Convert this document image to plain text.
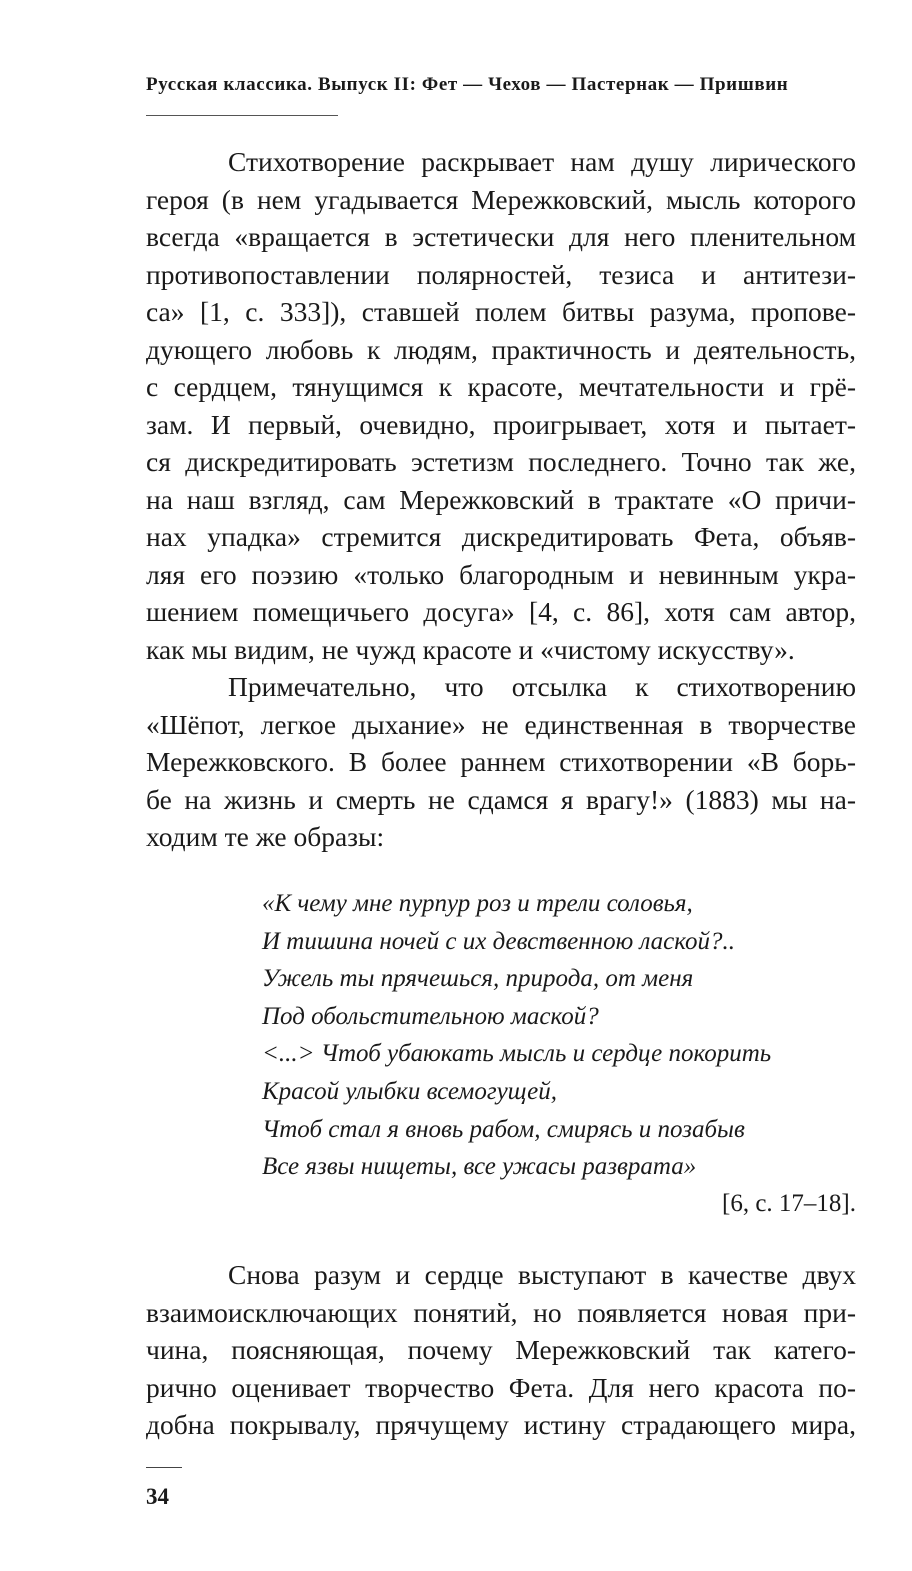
Русская классика. Выпуск II: Фет — Чехов — Пастернак — Пришвин
Стихотворение раскрывает нам душу лирического
героя (в нем угадывается Мережковский, мысль которого
всегда «вращается в эстетически для него пленительном
противопоставлении полярностей, тезиса и антитези-
са» [1, с. 333]), ставшей полем битвы разума, пропове-
дующего любовь к людям, практичность и деятельность,
с сердцем, тянущимся к красоте, мечтательности и грё-
зам. И первый, очевидно, проигрывает, хотя и пытает-
ся дискредитировать эстетизм последнего. Точно так же,
на наш взгляд, сам Мережковский в трактате «О причи-
нах упадка» стремится дискредитировать Фета, объяв-
ляя его поэзию «только благородным и невинным укра-
шением помещичьего досуга» [4, с. 86], хотя сам автор,
как мы видим, не чужд красоте и «чистому искусству».
Примечательно, что отсылка к стихотворению
«Шёпот, легкое дыхание» не единственная в творчестве
Мережковского. В более раннем стихотворении «В борь-
бе на жизнь и смерть не сдамся я врагу!» (1883) мы на-
ходим те же образы:
«К чему мне пурпур роз и трели соловья,
И тишина ночей с их девственною лаской?..
Ужель ты прячешься, природа, от меня
Под обольстительною маской?
<...> Чтоб убаюкать мысль и сердце покорить
Красой улыбки всемогущей,
Чтоб стал я вновь рабом, смирясь и позабыв
Все язвы нищеты, все ужасы разврата»
[6, с. 17–18].
Снова разум и сердце выступают в качестве двух
взаимоисключающих понятий, но появляется новая при-
чина, поясняющая, почему Мережковский так катего-
рично оценивает творчество Фета. Для него красота по-
добна покрывалу, прячущему истину страдающего мира,
34
